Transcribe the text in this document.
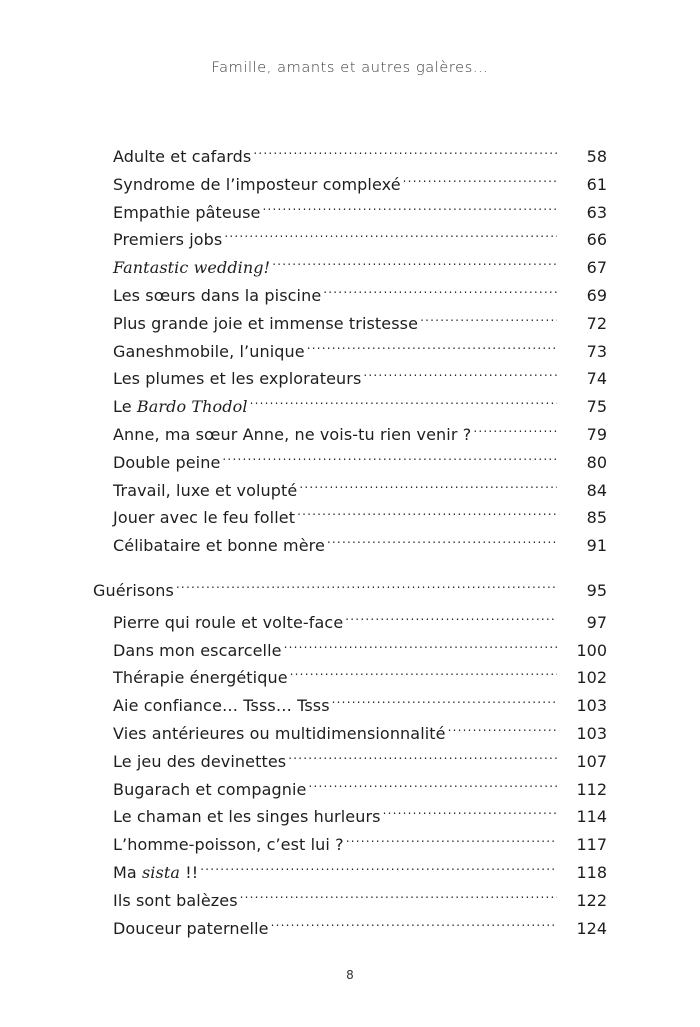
Famille, amants et autres galères...
Adulte et cafards .....	58
Syndrome de l’imposteur complexé .....	61
Empathie pâteuse .....	63
Premiers jobs .....	66
Fantastic wedding! .....	67
Les sœurs dans la piscine .....	69
Plus grande joie et immense tristesse .....	72
Ganeshmobile, l’unique .....	73
Les plumes et les explorateurs .....	74
Le Bardo Thodol .....	75
Anne, ma sœur Anne, ne vois-tu rien venir ? .....	79
Double peine .....	80
Travail, luxe et volupté .....	84
Jouer avec le feu follet .....	85
Célibataire et bonne mère .....	91
Guérisons .....	95
Pierre qui roule et volte-face .....	97
Dans mon escarcelle .....	100
Thérapie énergétique .....	102
Aie confiance… Tsss… Tsss .....	103
Vies antérieures ou multidimensionnalité .....	103
Le jeu des devinettes .....	107
Bugarach et compagnie .....	112
Le chaman et les singes hurleurs .....	114
L’homme-poisson, c’est lui ? .....	117
Ma sista !! .....	118
Ils sont balèzes .....	122
Douceur paternelle .....	124
8
